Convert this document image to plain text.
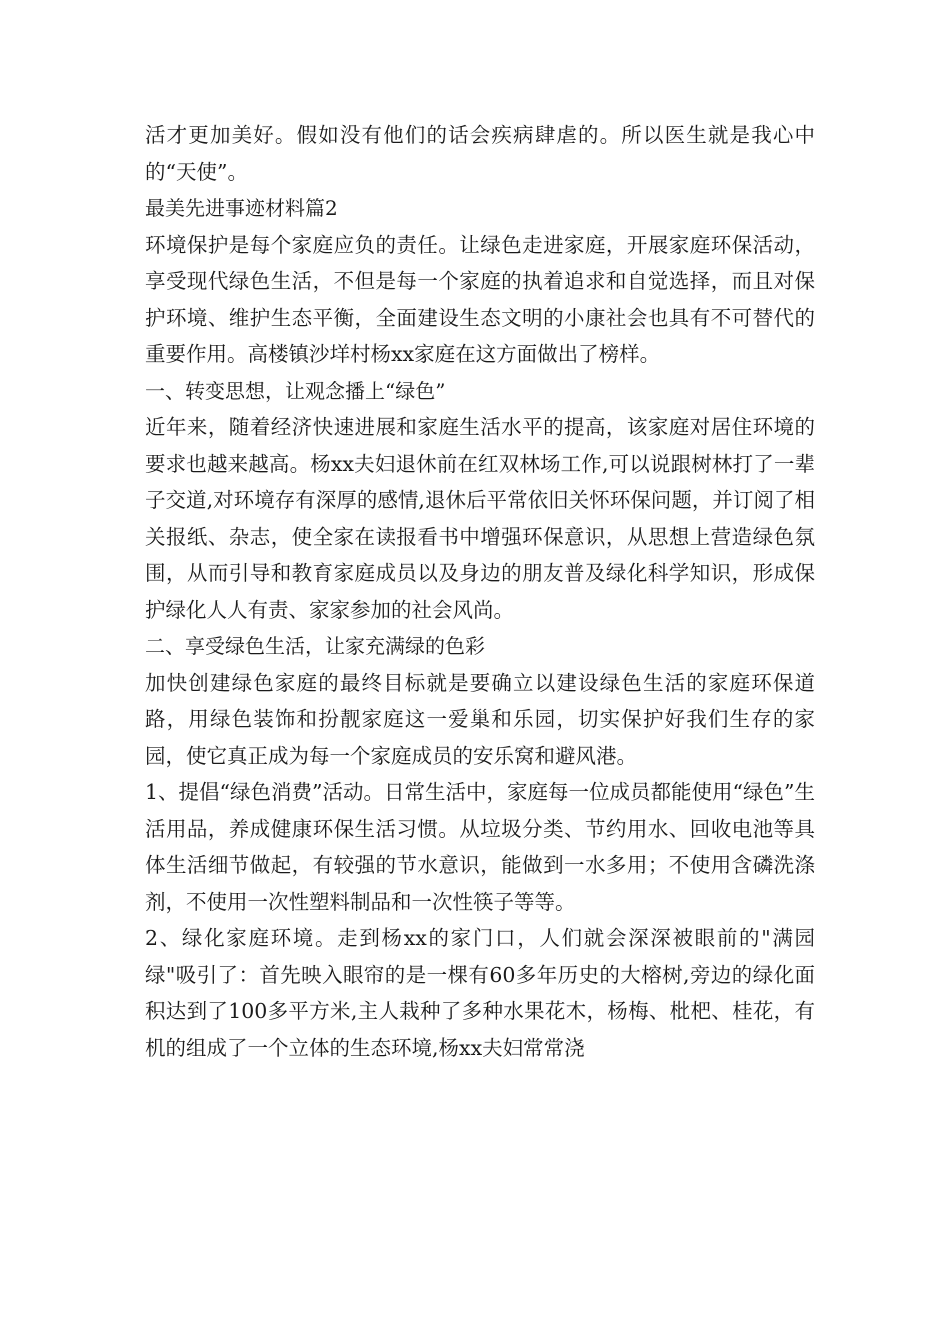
活才更加美好。假如没有他们的话会疾病肆虐的。所以医生就是我心中的“天使”。

最美先进事迹材料篇2

环境保护是每个家庭应负的责任。让绿色走进家庭，开展家庭环保活动，享受现代绿色生活，不但是每一个家庭的执着追求和自觉选择，而且对保护环境、维护生态平衡，全面建设生态文明的小康社会也具有不可替代的重要作用。高楼镇沙垟村杨xx家庭在这方面做出了榜样。

一、转变思想，让观念播上“绿色”

近年来，随着经济快速进展和家庭生活水平的提高，该家庭对居住环境的要求也越来越高。杨xx夫妇退休前在红双林场工作,可以说跟树林打了一辈子交道,对环境存有深厚的感情,退休后平常依旧关怀环保问题，并订阅了相关报纸、杂志，使全家在读报看书中增强环保意识，从思想上营造绿色氛围，从而引导和教育家庭成员以及身边的朋友普及绿化科学知识，形成保护绿化人人有责、家家参加的社会风尚。

二、享受绿色生活，让家充满绿的色彩

加快创建绿色家庭的最终目标就是要确立以建设绿色生活的家庭环保道路，用绿色装饰和扮靓家庭这一爱巢和乐园，切实保护好我们生存的家园，使它真正成为每一个家庭成员的安乐窝和避风港。

1、提倡“绿色消费”活动。日常生活中，家庭每一位成员都能使用“绿色”生活用品，养成健康环保生活习惯。从垃圾分类、节约用水、回收电池等具体生活细节做起，有较强的节水意识，能做到一水多用；不使用含磷洗涤剂，不使用一次性塑料制品和一次性筷子等等。

2、绿化家庭环境。走到杨xx的家门口，人们就会深深被眼前的"满园绿"吸引了：首先映入眼帘的是一棵有60多年历史的大榕树,旁边的绿化面积达到了100多平方米,主人栽种了多种水果花木，杨梅、枇杷、桂花，有机的组成了一个立体的生态环境,杨xx夫妇常常浇
